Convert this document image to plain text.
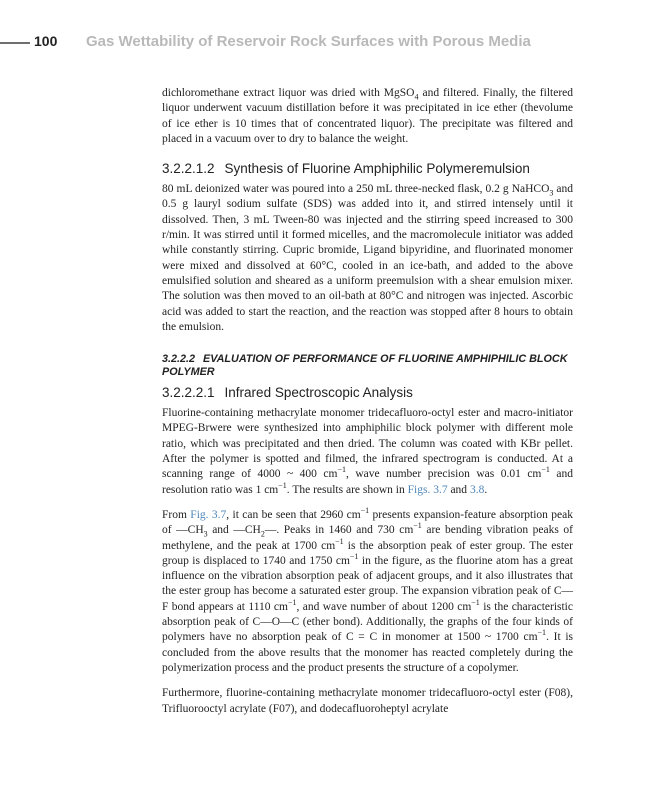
100 Gas Wettability of Reservoir Rock Surfaces with Porous Media

dichloromethane extract liquor was dried with MgSO$_4$ and filtered. Finally, the filtered liquor underwent vacuum distillation before it was precipitated in ice ether (thevolume of ice ether is 10 times that of concentrated liquor). The precipitate was filtered and placed in a vacuum over to dry to balance the weight.

3.2.2.1.2 Synthesis of Fluorine Amphiphilic Polymeremulsion

80 mL deionized water was poured into a 250 mL three-necked flask, 0.2 g NaHCO$_3$ and 0.5 g lauryl sodium sulfate (SDS) was added into it, and stirred intensely until it dissolved. Then, 3 mL Tween-80 was injected and the stirring speed increased to 300 r/min. It was stirred until it formed micelles, and the macromolecule initiator was added while constantly stirring. Cupric bromide, Ligand bipyridine, and fluorinated monomer were mixed and dissolved at 60°C, cooled in an ice-bath, and added to the above emulsified solution and sheared as a uniform preemulsion with a shear emulsion mixer. The solution was then moved to an oil-bath at 80°C and nitrogen was injected. Ascorbic acid was added to start the reaction, and the reaction was stopped after 8 hours to obtain the emulsion.

3.2.2.2 EVALUATION OF PERFORMANCE OF FLUORINE AMPHIPHILIC BLOCK POLYMER
3.2.2.2.1 Infrared Spectroscopic Analysis

Fluorine-containing methacrylate monomer tridecafluoro-octyl ester and macro-initiator MPEG-Brwere were synthesized into amphiphilic block polymer with different mole ratio, which was precipitated and then dried. The column was coated with KBr pellet. After the polymer is spotted and filmed, the infrared spectrogram is conducted. At a scanning range of 4000 ~ 400 $cm^{-1}$, wave number precision was 0.01 $cm^{-1}$ and resolution ratio was 1 $cm^{-1}$. The results are shown in Figs. 3.7 and 3.8.

From Fig. 3.7, it can be seen that 2960 $cm^{-1}$ presents expansion-feature absorption peak of $—CH_3$ and $—CH_2—$. Peaks in 1460 and 730 $cm^{-1}$ are bending vibration peaks of methylene, and the peak at 1700 $cm^{-1}$ is the absorption peak of ester group. The ester group is displaced to 1740 and 1750 $cm^{-1}$ in the figure, as the fluorine atom has a great influence on the vibration absorption peak of adjacent groups, and it also illustrates that the ester group has become a saturated ester group. The expansion vibration peak of C—F bond appears at 1110 $cm^{-1}$, and wave number of about 1200 $cm^{-1}$ is the characteristic absorption peak of C—O—C (ether bond). Additionally, the graphs of the four kinds of polymers have no absorption peak of C = C in monomer at 1500 ~ 1700 $cm^{-1}$. It is concluded from the above results that the monomer has reacted completely during the polymerization process and the product presents the structure of a copolymer.

Furthermore, fluorine-containing methacrylate monomer tridecafluoro-octyl ester (F08), Trifluorooctyl acrylate (F07), and dodecafluoroheptyl acrylate
